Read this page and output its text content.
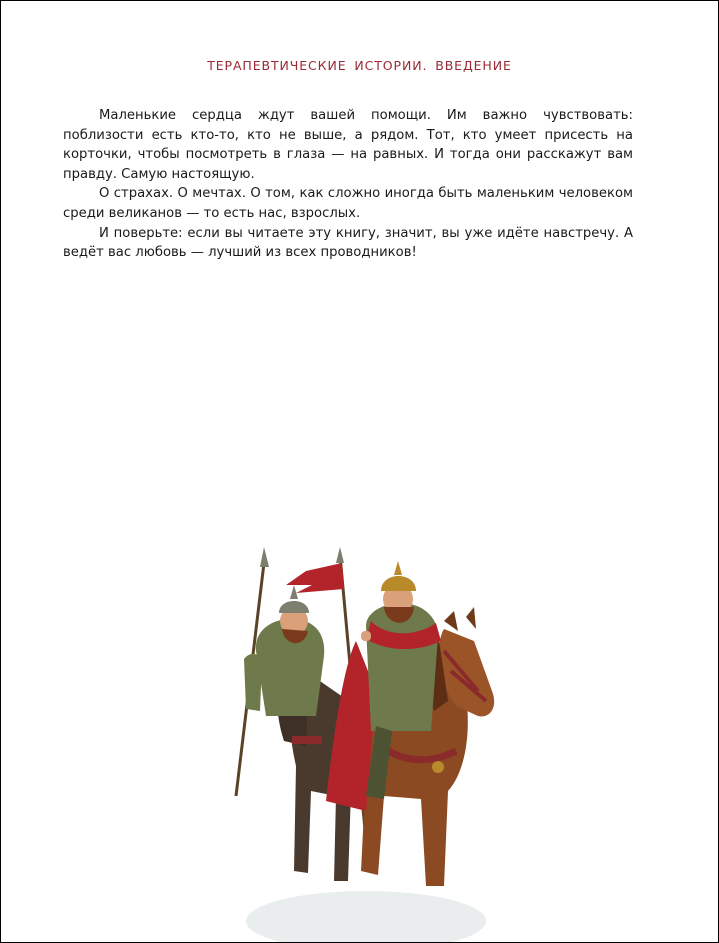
ТЕРАПЕВТИЧЕСКИЕ ИСТОРИИ. ВВЕДЕНИЕ

Маленькие сердца ждут вашей помощи. Им важно чувствовать: поблизости есть кто-то, кто не выше, а рядом. Тот, кто умеет присесть на корточки, чтобы посмотреть в глаза — на равных. И тогда они расскажут вам правду. Самую настоящую.

О страхах. О мечтах. О том, как сложно иногда быть маленьким человеком среди великанов — то есть нас, взрослых.

И поверьте: если вы читаете эту книгу, значит, вы уже идёте навстречу. А ведёт вас любовь — лучший из всех проводников!
